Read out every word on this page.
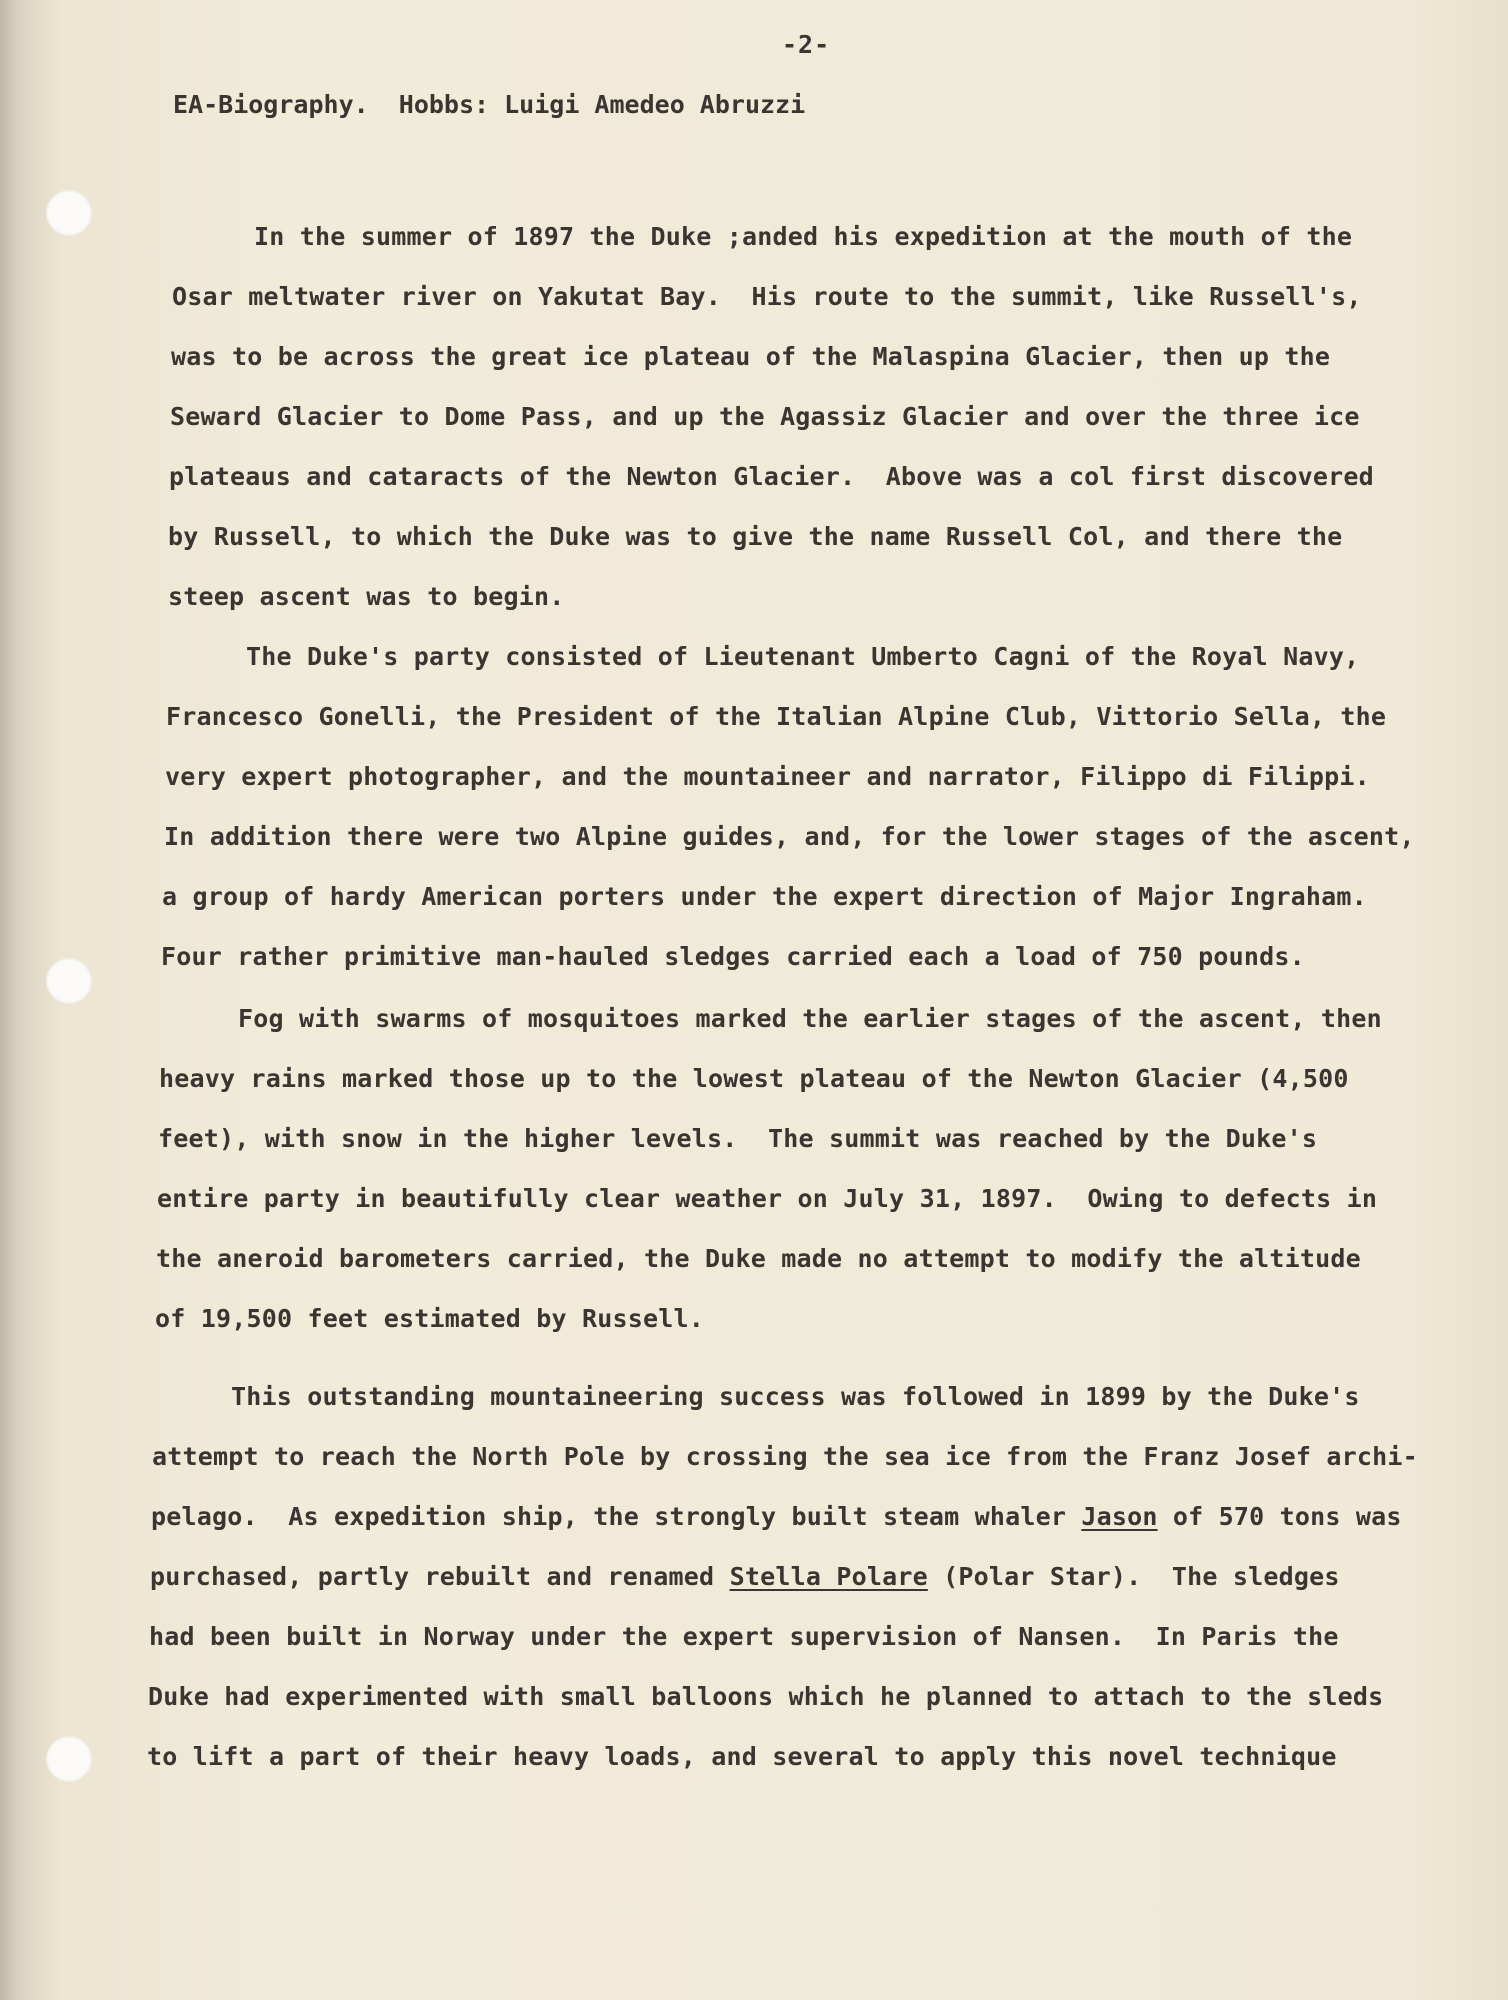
-2-
EA-Biography.  Hobbs: Luigi Amedeo Abruzzi
In the summer of 1897 the Duke ;anded his expedition at the mouth of the
Osar meltwater river on Yakutat Bay.  His route to the summit, like Russell's,
was to be across the great ice plateau of the Malaspina Glacier, then up the
Seward Glacier to Dome Pass, and up the Agassiz Glacier and over the three ice
plateaus and cataracts of the Newton Glacier.  Above was a col first discovered
by Russell, to which the Duke was to give the name Russell Col, and there the
steep ascent was to begin.
The Duke's party consisted of Lieutenant Umberto Cagni of the Royal Navy,
Francesco Gonelli, the President of the Italian Alpine Club, Vittorio Sella, the
very expert photographer, and the mountaineer and narrator, Filippo di Filippi.
In addition there were two Alpine guides, and, for the lower stages of the ascent,
a group of hardy American porters under the expert direction of Major Ingraham.
Four rather primitive man-hauled sledges carried each a load of 750 pounds.
Fog with swarms of mosquitoes marked the earlier stages of the ascent, then
heavy rains marked those up to the lowest plateau of the Newton Glacier (4,500
feet), with snow in the higher levels.  The summit was reached by the Duke's
entire party in beautifully clear weather on July 31, 1897.  Owing to defects in
the aneroid barometers carried, the Duke made no attempt to modify the altitude
of 19,500 feet estimated by Russell.
This outstanding mountaineering success was followed in 1899 by the Duke's
attempt to reach the North Pole by crossing the sea ice from the Franz Josef archi-
pelago.  As expedition ship, the strongly built steam whaler Jason of 570 tons was
purchased, partly rebuilt and renamed Stella Polare (Polar Star).  The sledges
had been built in Norway under the expert supervision of Nansen.  In Paris the
Duke had experimented with small balloons which he planned to attach to the sleds
to lift a part of their heavy loads, and several to apply this novel technique
